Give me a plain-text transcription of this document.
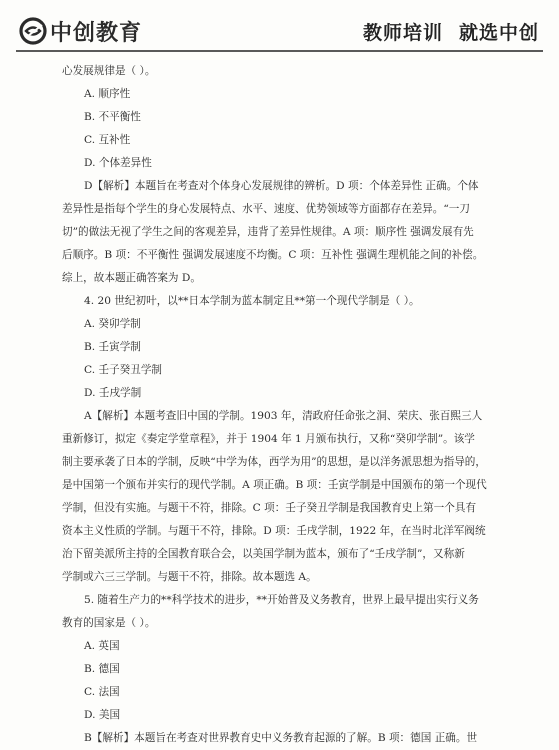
中创教育	教师培训 就选中创

心发展规律是（ ）。

A. 顺序性

B. 不平衡性

C. 互补性

D. 个体差异性

D【解析】本题旨在考查对个体身心发展规律的辨析。D 项：个体差异性 正确。个体

差异性是指每个学生的身心发展特点、水平、速度、优势领域等方面都存在差异。“一刀

切”的做法无视了学生之间的客观差异，违背了差异性规律。A 项：顺序性 强调发展有先

后顺序。B 项：不平衡性 强调发展速度不均衡。C 项：互补性 强调生理机能之间的补偿。

综上，故本题正确答案为 D。

4. 20 世纪初叶，以**日本学制为蓝本制定且**第一个现代学制是（ ）。

A. 癸卯学制

B. 壬寅学制

C. 壬子癸丑学制

D. 壬戌学制

A【解析】本题考查旧中国的学制。1903 年，清政府任命张之洞、荣庆、张百熙三人

重新修订，拟定《奏定学堂章程》，并于 1904 年 1 月颁布执行，又称“癸卯学制”。该学

制主要承袭了日本的学制，反映“中学为体，西学为用”的思想，是以洋务派思想为指导的，

是中国第一个颁布并实行的现代学制。A 项正确。B 项：壬寅学制是中国颁布的第一个现代

学制，但没有实施。与题干不符，排除。C 项：壬子癸丑学制是我国教育史上第一个具有

资本主义性质的学制。与题干不符，排除。D 项：壬戌学制，1922 年，在当时北洋军阀统

治下留美派所主持的全国教育联合会，以美国学制为蓝本，颁布了“壬戌学制”，又称新

学制或六三三学制。与题干不符，排除。故本题选 A。

5. 随着生产力的**科学技术的进步，**开始普及义务教育，世界上最早提出实行义务

教育的国家是（ ）。

A. 英国

B. 德国

C. 法国

D. 美国

B【解析】本题旨在考查对世界教育史中义务教育起源的了解。B 项：德国 正确。世
